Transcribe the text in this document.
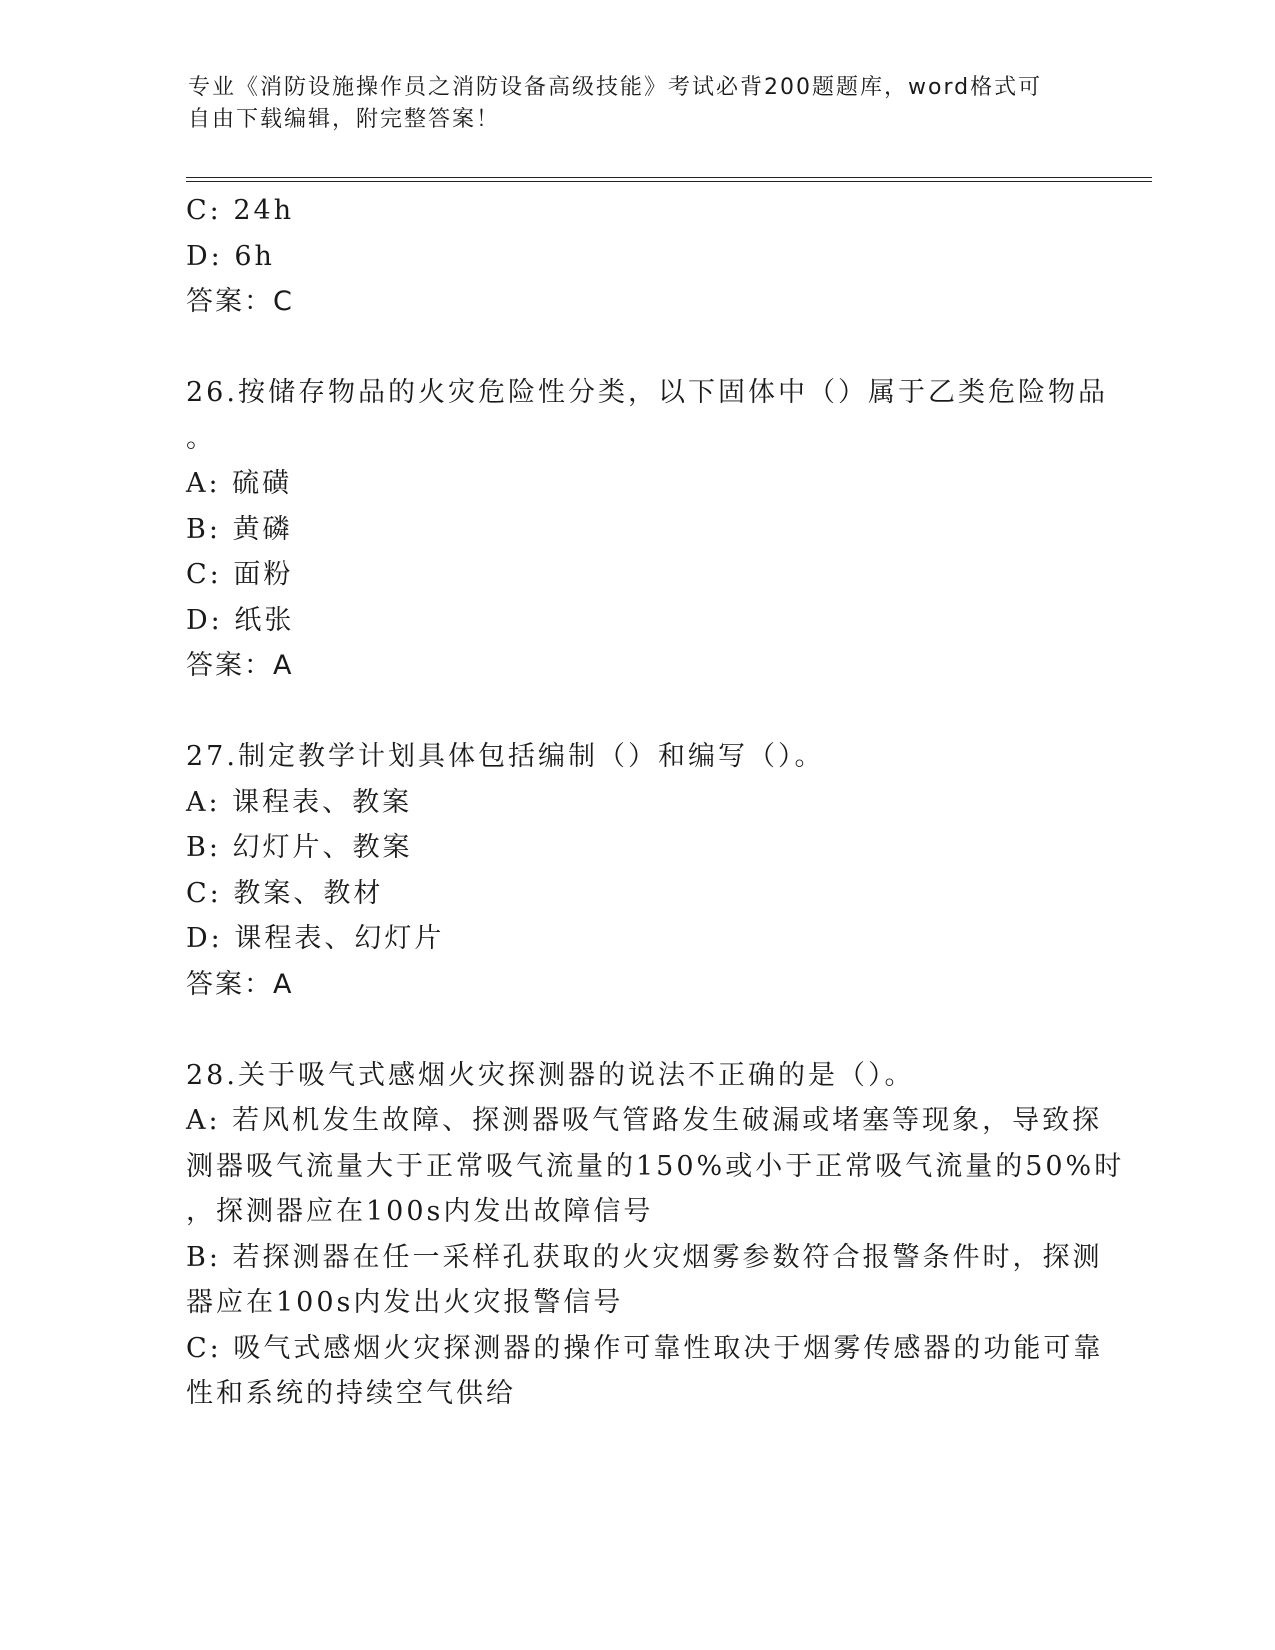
专业《消防设施操作员之消防设备高级技能》考试必背200题题库，word格式可
自由下载编辑，附完整答案！
C: 24h
D: 6h
答案：C
26.按储存物品的火灾危险性分类，以下固体中（）属于乙类危险物品
。
A: 硫磺
B: 黄磷
C: 面粉
D: 纸张
答案：A
27.制定教学计划具体包括编制（）和编写（）。
A: 课程表、教案
B: 幻灯片、教案
C: 教案、教材
D: 课程表、幻灯片
答案：A
28.关于吸气式感烟火灾探测器的说法不正确的是（）。
A: 若风机发生故障、探测器吸气管路发生破漏或堵塞等现象，导致探
测器吸气流量大于正常吸气流量的150%或小于正常吸气流量的50%时
，探测器应在100s内发出故障信号
B: 若探测器在任一采样孔获取的火灾烟雾参数符合报警条件时，探测
器应在100s内发出火灾报警信号
C: 吸气式感烟火灾探测器的操作可靠性取决于烟雾传感器的功能可靠
性和系统的持续空气供给
